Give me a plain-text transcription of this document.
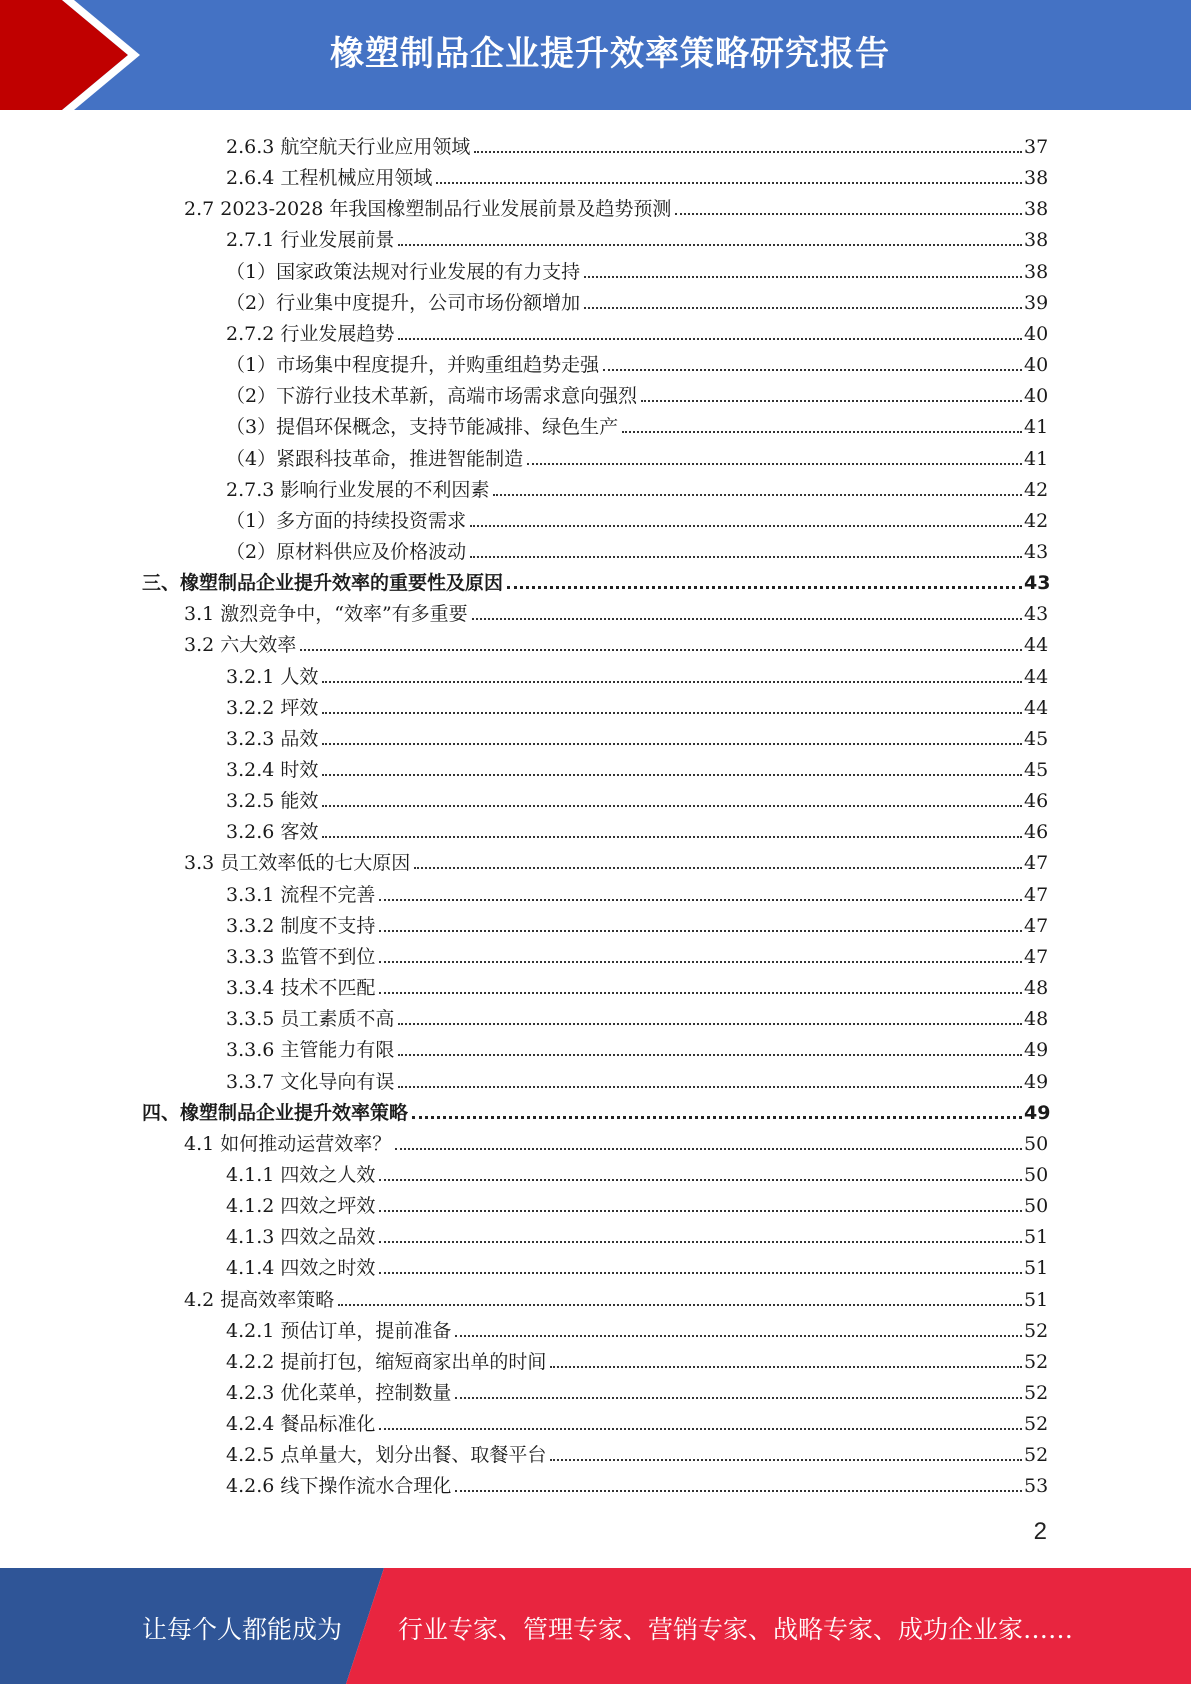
橡塑制品企业提升效率策略研究报告
2.6.3 航空航天行业应用领域	37
2.6.4 工程机械应用领域	38
2.7 2023-2028 年我国橡塑制品行业发展前景及趋势预测	38
2.7.1 行业发展前景	38
（1）国家政策法规对行业发展的有力支持	38
（2）行业集中度提升，公司市场份额增加	39
2.7.2 行业发展趋势	40
（1）市场集中程度提升，并购重组趋势走强	40
（2）下游行业技术革新，高端市场需求意向强烈	40
（3）提倡环保概念，支持节能减排、绿色生产	41
（4）紧跟科技革命，推进智能制造	41
2.7.3 影响行业发展的不利因素	42
（1）多方面的持续投资需求	42
（2）原材料供应及价格波动	43
三、橡塑制品企业提升效率的重要性及原因	43
3.1 激烈竞争中，“效率”有多重要	43
3.2 六大效率	44
3.2.1 人效	44
3.2.2 坪效	44
3.2.3 品效	45
3.2.4 时效	45
3.2.5 能效	46
3.2.6 客效	46
3.3 员工效率低的七大原因	47
3.3.1 流程不完善	47
3.3.2 制度不支持	47
3.3.3 监管不到位	47
3.3.4 技术不匹配	48
3.3.5 员工素质不高	48
3.3.6 主管能力有限	49
3.3.7 文化导向有误	49
四、橡塑制品企业提升效率策略	49
4.1 如何推动运营效率？	50
4.1.1 四效之人效	50
4.1.2 四效之坪效	50
4.1.3 四效之品效	51
4.1.4 四效之时效	51
4.2 提高效率策略	51
4.2.1 预估订单，提前准备	52
4.2.2 提前打包，缩短商家出单的时间	52
4.2.3 优化菜单，控制数量	52
4.2.4 餐品标准化	52
4.2.5 点单量大，划分出餐、取餐平台	52
4.2.6 线下操作流水合理化	53
2
让每个人都能成为 行业专家、管理专家、营销专家、战略专家、成功企业家……
